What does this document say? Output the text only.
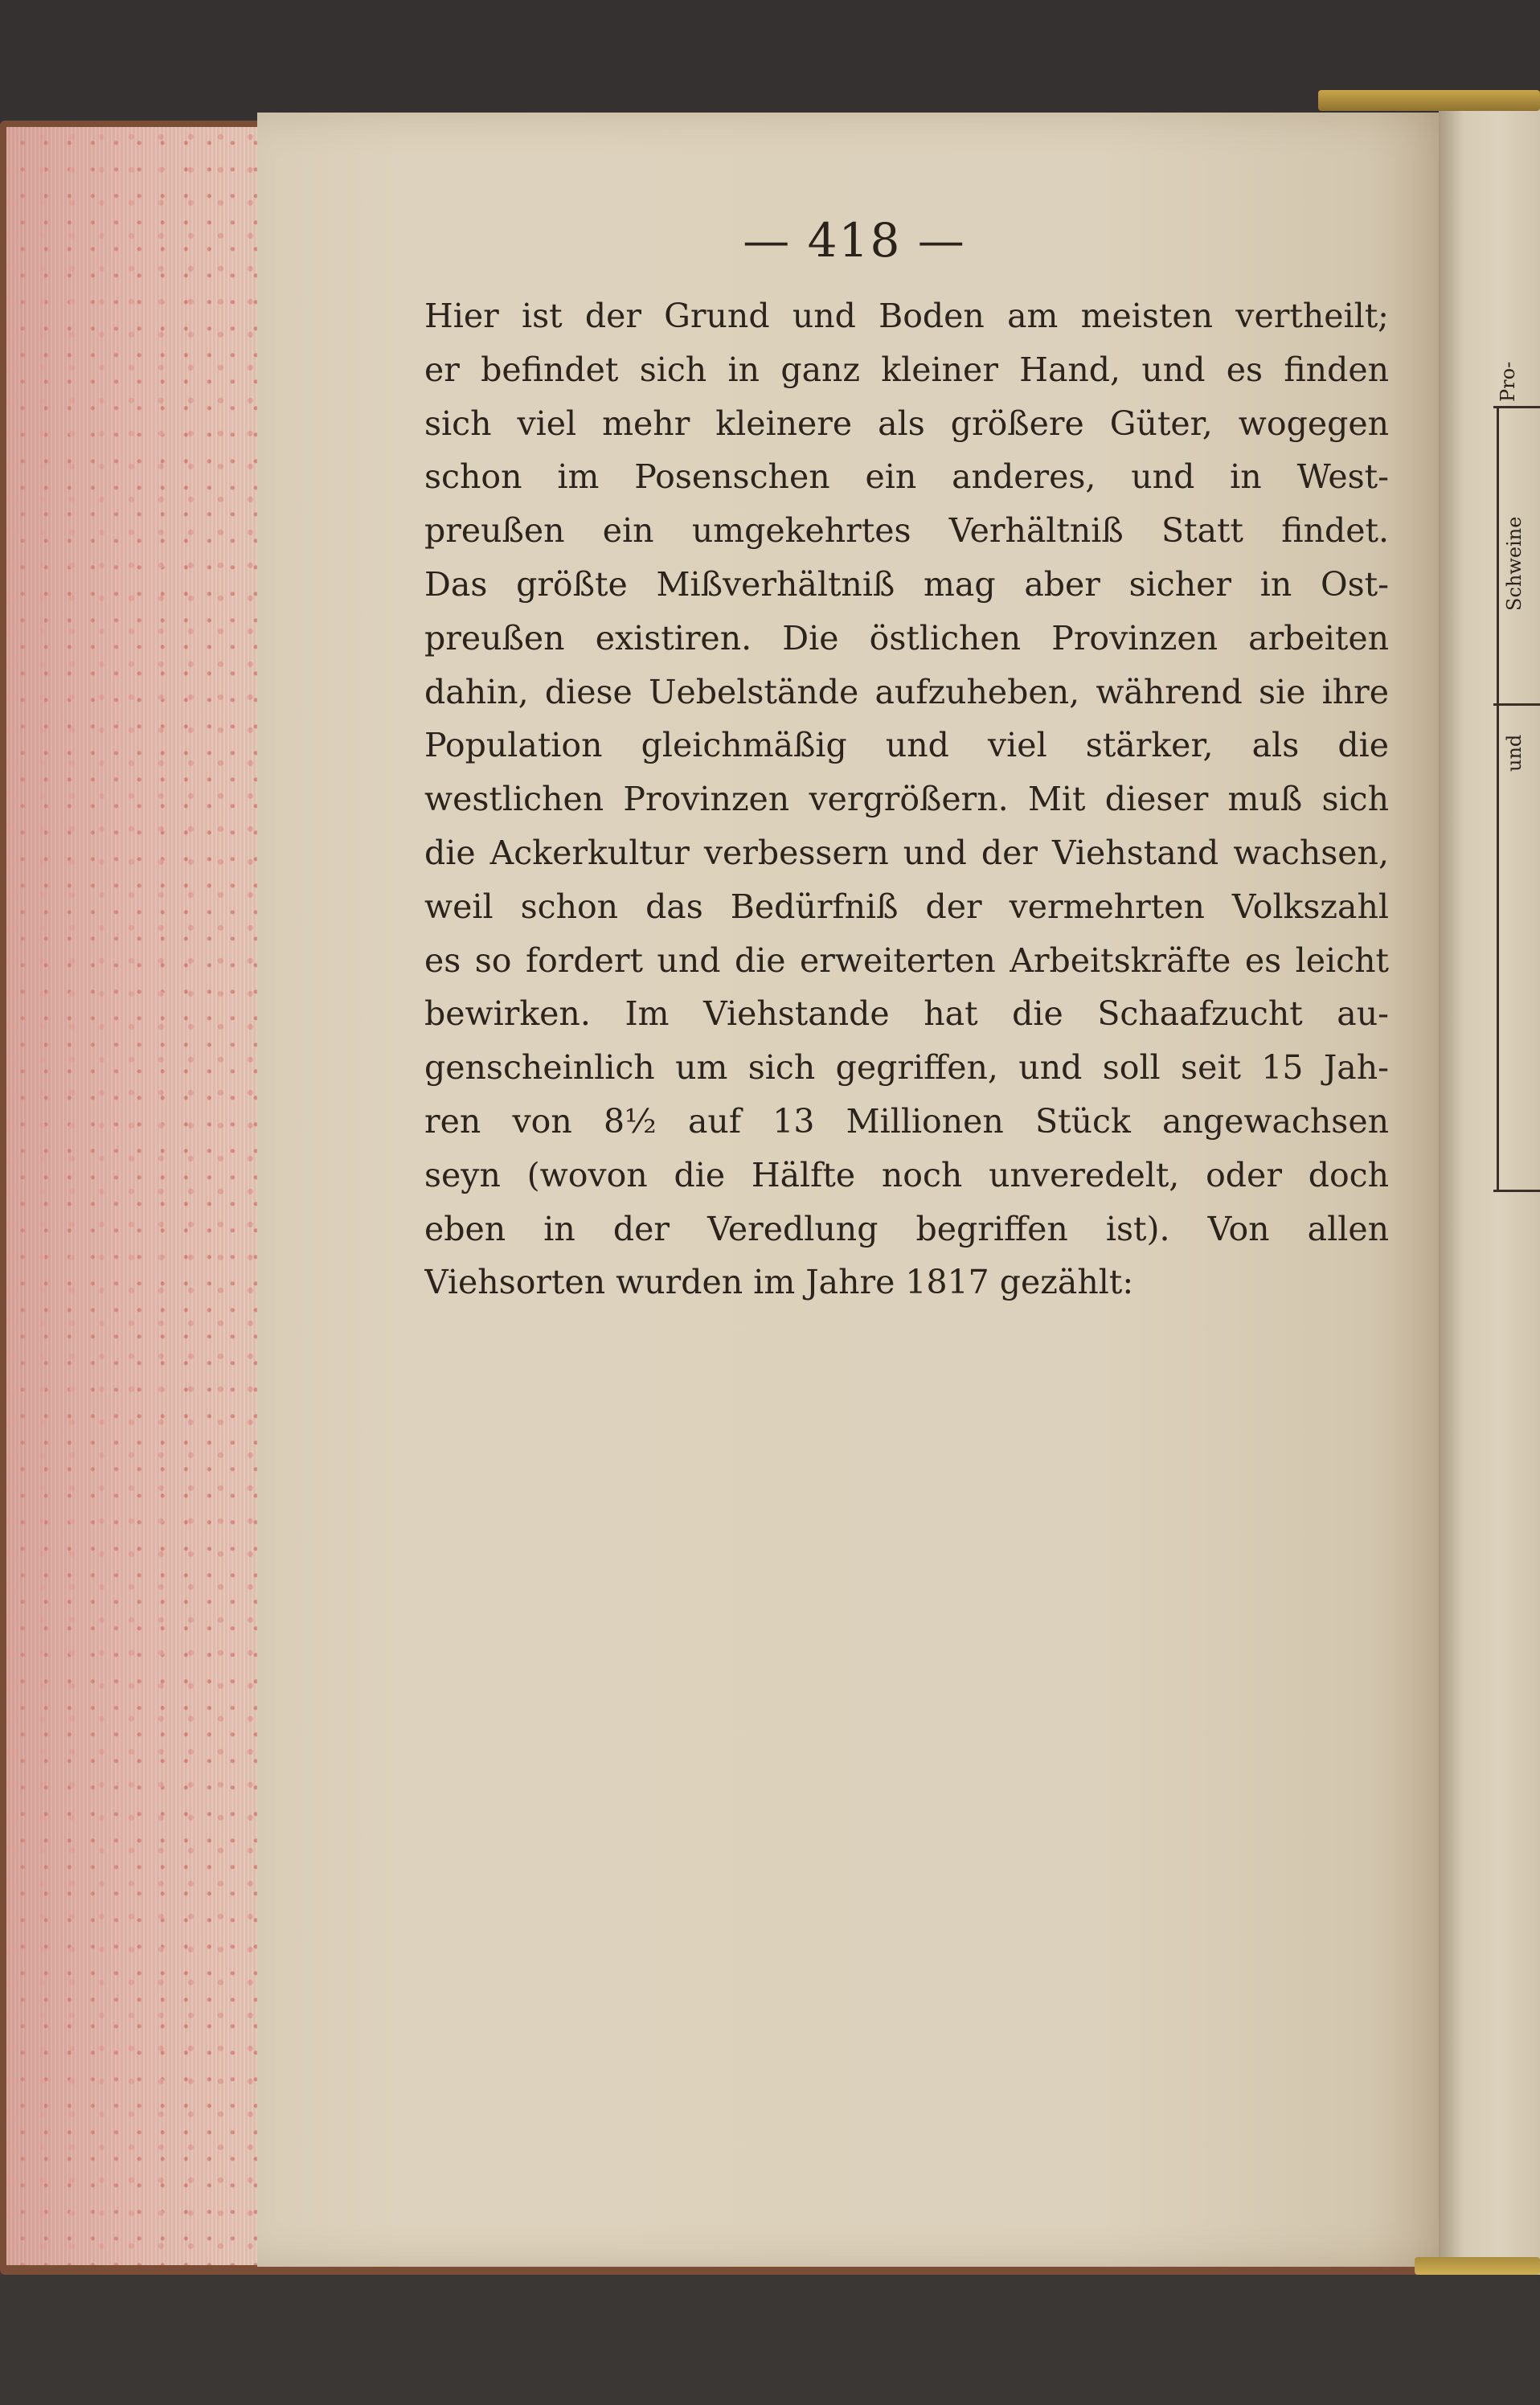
— 418 —
Hier ist der Grund und Boden am meisten vertheilt;
er befindet sich in ganz kleiner Hand, und es finden
sich viel mehr kleinere als größere Güter, wogegen
schon im Posenschen ein anderes, und in West-
preußen ein umgekehrtes Verhältniß Statt findet.
Das größte Mißverhältniß mag aber sicher in Ost-
preußen existiren. Die östlichen Provinzen arbeiten
dahin, diese Uebelstände aufzuheben, während sie ihre
Population gleichmäßig und viel stärker, als die
westlichen Provinzen vergrößern. Mit dieser muß sich
die Ackerkultur verbessern und der Viehstand wachsen,
weil schon das Bedürfniß der vermehrten Volkszahl
es so fordert und die erweiterten Arbeitskräfte es leicht
bewirken. Im Viehstande hat die Schaafzucht au-
genscheinlich um sich gegriffen, und soll seit 15 Jah-
ren von 8½ auf 13 Millionen Stück angewachsen
seyn (wovon die Hälfte noch unveredelt, oder doch
eben in der Veredlung begriffen ist). Von allen
Viehsorten wurden im Jahre 1817 gezählt:
Pro-
Schweine
und
